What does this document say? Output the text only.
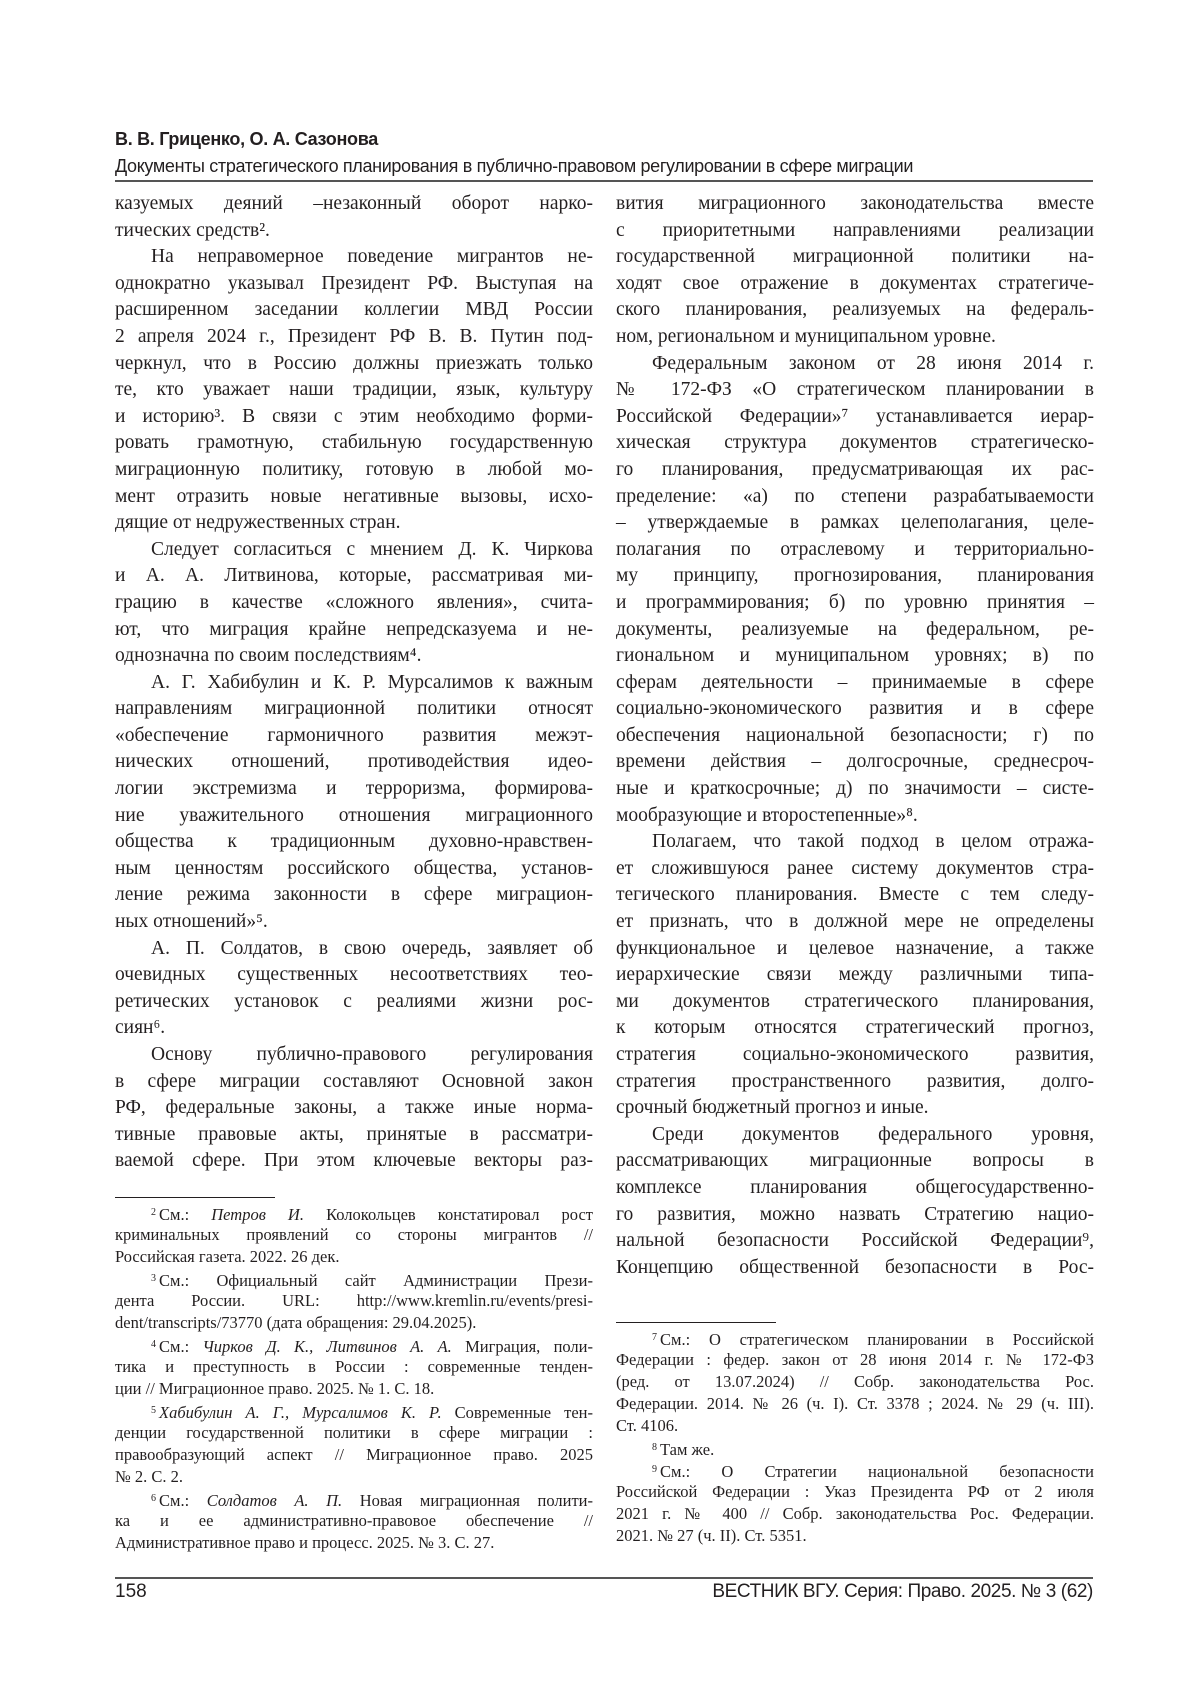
В. В. Гриценко, О. А. Сазонова
Документы стратегического планирования в публично-правовом регулировании в сфере миграции
казуемых деяний –незаконный оборот нарко-
тических средств².
На неправомерное поведение мигрантов не-
однократно указывал Президент РФ. Выступая на
расширенном заседании коллегии МВД России
2 апреля 2024 г., Президент РФ В. В. Путин под-
черкнул, что в Россию должны приезжать только
те, кто уважает наши традиции, язык, культуру
и историю³. В связи с этим необходимо форми-
ровать грамотную, стабильную государственную
миграционную политику, готовую в любой мо-
мент отразить новые негативные вызовы, исхо-
дящие от недружественных стран.
Следует согласиться с мнением Д. К. Чиркова
и А. А. Литвинова, которые, рассматривая ми-
грацию в качестве «сложного явления», счита-
ют, что миграция крайне непредсказуема и не-
однозначна по своим последствиям⁴.
А. Г. Хабибулин и К. Р. Мурсалимов к важным
направлениям миграционной политики относят
«обеспечение гармоничного развития межэт-
нических отношений, противодействия идео-
логии экстремизма и терроризма, формирова-
ние уважительного отношения миграционного
общества к традиционным духовно-нравствен-
ным ценностям российского общества, установ-
ление режима законности в сфере миграцион-
ных отношений»⁵.
А. П. Солдатов, в свою очередь, заявляет об
очевидных существенных несоответствиях тео-
ретических установок с реалиями жизни рос-
сиян⁶.
Основу публично-правового регулирования
в сфере миграции составляют Основной закон
РФ, федеральные законы, а также иные норма-
тивные правовые акты, принятые в рассматри-
ваемой сфере. При этом ключевые векторы раз-
вития миграционного законодательства вместе
с приоритетными направлениями реализации
государственной миграционной политики на-
ходят свое отражение в документах стратегиче-
ского планирования, реализуемых на федераль-
ном, региональном и муниципальном уровне.
Федеральным законом от 28 июня 2014 г.
№ 172-ФЗ «О стратегическом планировании в
Российской Федерации»⁷ устанавливается иерар-
хическая структура документов стратегическо-
го планирования, предусматривающая их рас-
пределение: «а) по степени разрабатываемости
– утверждаемые в рамках целеполагания, целе-
полагания по отраслевому и территориально-
му принципу, прогнозирования, планирования
и программирования; б) по уровню принятия –
документы, реализуемые на федеральном, ре-
гиональном и муниципальном уровнях; в) по
сферам деятельности – принимаемые в сфере
социально-экономического развития и в сфере
обеспечения национальной безопасности; г) по
времени действия – долгосрочные, среднесроч-
ные и краткосрочные; д) по значимости – систе-
мообразующие и второстепенные»⁸.
Полагаем, что такой подход в целом отража-
ет сложившуюся ранее систему документов стра-
тегического планирования. Вместе с тем следу-
ет признать, что в должной мере не определены
функциональное и целевое назначение, а также
иерархические связи между различными типа-
ми документов стратегического планирования,
к которым относятся стратегический прогноз,
стратегия социально-экономического развития,
стратегия пространственного развития, долго-
срочный бюджетный прогноз и иные.
Среди документов федерального уровня,
рассматривающих миграционные вопросы в
комплексе планирования общегосударственно-
го развития, можно назвать Стратегию нацио-
нальной безопасности Российской Федерации⁹,
Концепцию общественной безопасности в Рос-
2 См.: Петров И. Колокольцев констатировал рост
криминальных проявлений со стороны мигрантов //
Российская газета. 2022. 26 дек.
3 См.: Официальный сайт Администрации Прези-
дента России. URL: http://www.kremlin.ru/events/presi-
dent/transcripts/73770 (дата обращения: 29.04.2025).
4 См.: Чирков Д. К., Литвинов А. А. Миграция, поли-
тика и преступность в России : современные тенден-
ции // Миграционное право. 2025. № 1. С. 18.
5 Хабибулин А. Г., Мурсалимов К. Р. Современные тен-
денции государственной политики в сфере миграции :
правообразующий аспект // Миграционное право. 2025
№ 2. С. 2.
6 См.: Солдатов А. П. Новая миграционная полити-
ка и ее административно-правовое обеспечение //
Административное право и процесс. 2025. № 3. С. 27.
7 См.: О стратегическом планировании в Российской
Федерации : федер. закон от 28 июня 2014 г. № 172-ФЗ
(ред. от 13.07.2024) // Собр. законодательства Рос.
Федерации. 2014. № 26 (ч. I). Ст. 3378 ; 2024. № 29 (ч. III).
Ст. 4106.
8 Там же.
9 См.: О Стратегии национальной безопасности
Российской Федерации : Указ Президента РФ от 2 июля
2021 г. № 400 // Собр. законодательства Рос. Федерации.
2021. № 27 (ч. II). Ст. 5351.
158	ВЕСТНИК ВГУ. Серия: Право. 2025. № 3 (62)
